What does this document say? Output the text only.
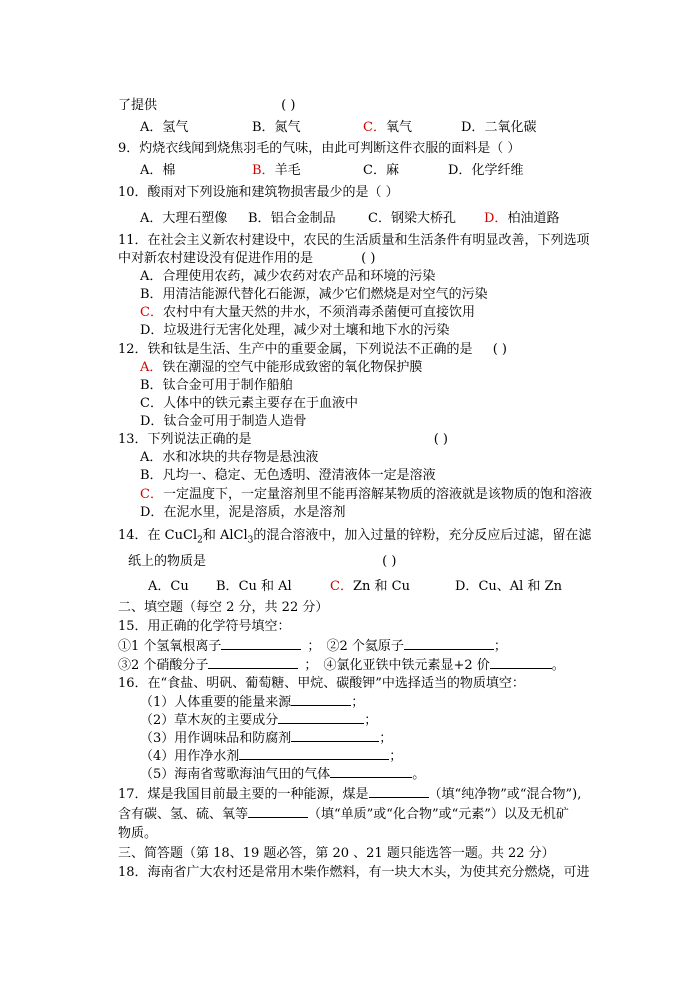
了提供	( )
A．氢气	B．氮气	C．氧气	D．二氧化碳
9．灼烧衣线闻到烧焦羽毛的气味，由此可判断这件衣服的面料是（ ）
A．棉	B．羊毛	C．麻	D．化学纤维
10．酸雨对下列设施和建筑物损害最少的是（ ）
A．大理石塑像 B．铝合金制品 C．钢梁大桥孔 D．柏油道路
11．在社会主义新农村建设中，农民的生活质量和生活条件有明显改善，下列选项
中对新农村建设没有促进作用的是	( )
A．合理使用农药，减少农药对农产品和环境的污染
B．用清洁能源代替化石能源，减少它们燃烧是对空气的污染
C．农村中有大量天然的井水，不须消毒杀菌便可直接饮用
D．垃圾进行无害化处理，减少对土壤和地下水的污染
12．铁和钛是生活、生产中的重要金属，下列说法不正确的是 ( )
A．铁在潮湿的空气中能形成致密的氧化物保护膜
B．钛合金可用于制作船舶
C．人体中的铁元素主要存在于血液中
D．钛合金可用于制造人造骨
13．下列说法正确的是	( )
A．水和冰块的共存物是悬浊液
B．凡均一、稳定、无色透明、澄清液体一定是溶液
C．一定温度下，一定量溶剂里不能再溶解某物质的溶液就是该物质的饱和溶液
D．在泥水里，泥是溶质，水是溶剂
14．在 CuCl$_2$和 AlCl$_3$的混合溶液中，加入过量的锌粉，充分反应后过滤，留在滤
纸上的物质是	( )
A．Cu B．Cu 和 Al	C．Zn 和 Cu	D．Cu、Al 和 Zn
二、填空题（每空 2 分，共 22 分）
15．用正确的化学符号填空：
①1 个氢氧根离子	； ②2 个氦原子	；
③2 个硝酸分子	； ④氯化亚铁中铁元素显+2 价	。
16．在“食盐、明矾、葡萄糖、甲烷、碳酸钾”中选择适当的物质填空：
（1）人体重要的能量来源	；
（2）草木灰的主要成分	；
（3）用作调味品和防腐剂	；
（4）用作净水剂	；
（5）海南省莺歌海油气田的气体	。
17．煤是我国目前最主要的一种能源，煤是	（填“纯净物”或“混合物”),
含有碳、氢、硫、氧等	（填“单质”或“化合物”或“元素”）以及无机矿
物质。
三、简答题（第 18、19 题必答，第 20 、21 题只能选答一题。共 22 分）
18．海南省广大农村还是常用木柴作燃料，有一块大木头，为使其充分燃烧，可进
